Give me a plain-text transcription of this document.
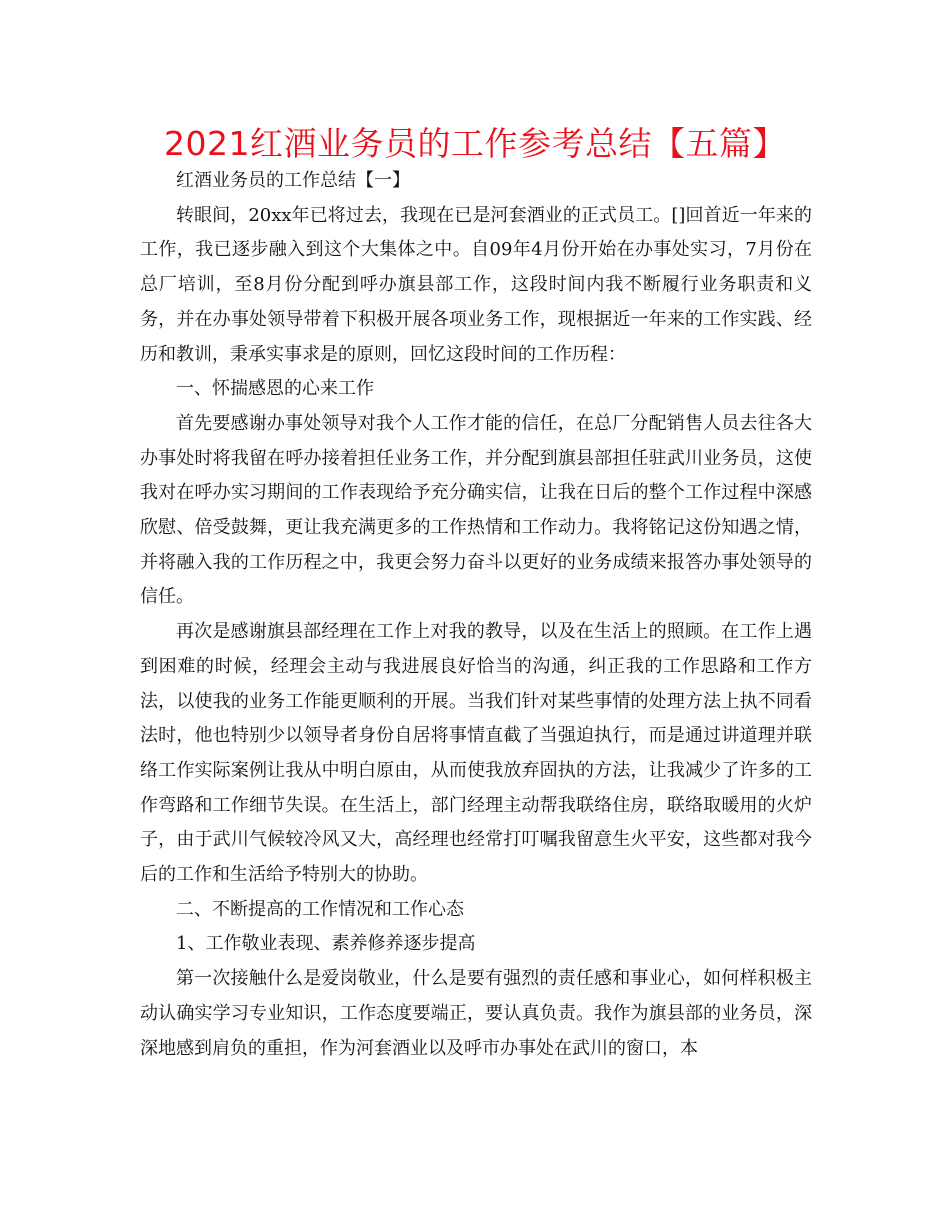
2021红酒业务员的工作参考总结【五篇】

红酒业务员的工作总结【一】

转眼间，20xx年已将过去，我现在已是河套酒业的正式员工。[]回首近一年来的工作，我已逐步融入到这个大集体之中。自09年4月份开始在办事处实习，7月份在总厂培训，至8月份分配到呼办旗县部工作，这段时间内我不断履行业务职责和义务，并在办事处领导带着下积极开展各项业务工作，现根据近一年来的工作实践、经历和教训，秉承实事求是的原则，回忆这段时间的工作历程：

一、怀揣感恩的心来工作

首先要感谢办事处领导对我个人工作才能的信任，在总厂分配销售人员去往各大办事处时将我留在呼办接着担任业务工作，并分配到旗县部担任驻武川业务员，这使我对在呼办实习期间的工作表现给予充分确实信，让我在日后的整个工作过程中深感欣慰、倍受鼓舞，更让我充满更多的工作热情和工作动力。我将铭记这份知遇之情，并将融入我的工作历程之中，我更会努力奋斗以更好的业务成绩来报答办事处领导的信任。

再次是感谢旗县部经理在工作上对我的教导，以及在生活上的照顾。在工作上遇到困难的时候，经理会主动与我进展良好恰当的沟通，纠正我的工作思路和工作方法，以使我的业务工作能更顺利的开展。当我们针对某些事情的处理方法上执不同看法时，他也特别少以领导者身份自居将事情直截了当强迫执行，而是通过讲道理并联络工作实际案例让我从中明白原由，从而使我放弃固执的方法，让我减少了许多的工作弯路和工作细节失误。在生活上，部门经理主动帮我联络住房，联络取暖用的火炉子，由于武川气候较冷风又大，高经理也经常打叮嘱我留意生火平安，这些都对我今后的工作和生活给予特别大的协助。

二、不断提高的工作情况和工作心态

1、工作敬业表现、素养修养逐步提高

第一次接触什么是爱岗敬业，什么是要有强烈的责任感和事业心，如何样积极主动认确实学习专业知识，工作态度要端正，要认真负责。我作为旗县部的业务员，深深地感到肩负的重担，作为河套酒业以及呼市办事处在武川的窗口，本
